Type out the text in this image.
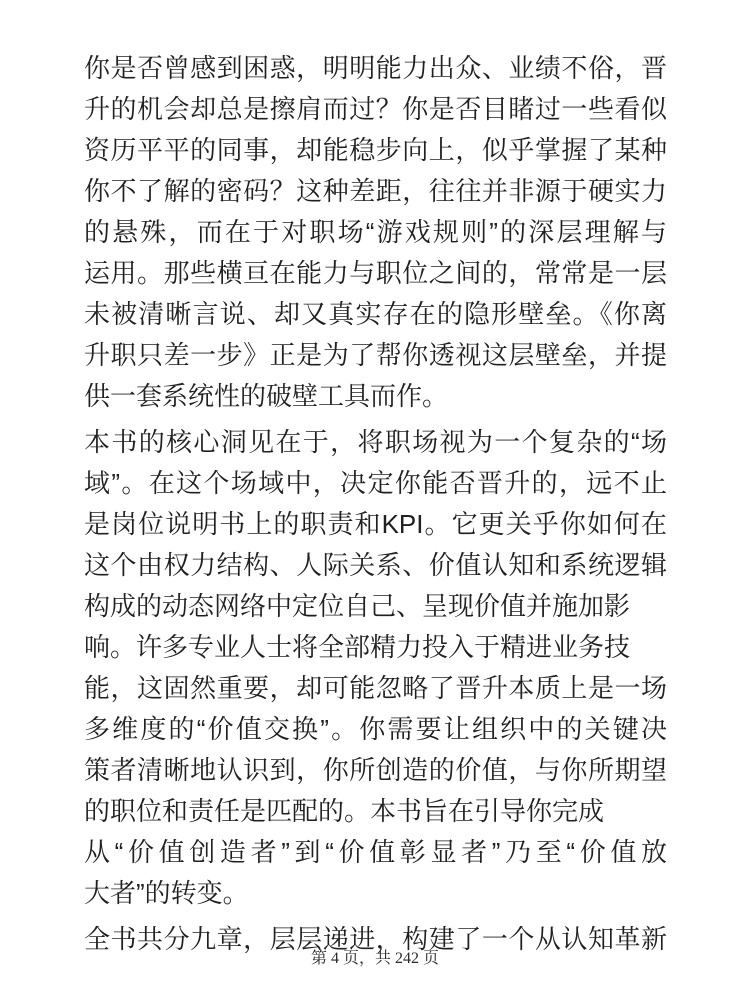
你是否曾感到困惑，明明能力出众、业绩不俗，晋
升的机会却总是擦肩而过？你是否目睹过一些看似
资历平平的同事，却能稳步向上，似乎掌握了某种
你不了解的密码？这种差距，往往并非源于硬实力
的悬殊，而在于对职场“游戏规则”的深层理解与
运用。那些横亘在能力与职位之间的，常常是一层
未被清晰言说、却又真实存在的隐形壁垒。《你离
升职只差一步》正是为了帮你透视这层壁垒，并提
供一套系统性的破壁工具而作。
本书的核心洞见在于，将职场视为一个复杂的“场
域”。在这个场域中，决定你能否晋升的，远不止
是岗位说明书上的职责和KPI。它更关乎你如何在
这个由权力结构、人际关系、价值认知和系统逻辑
构成的动态网络中定位自己、呈现价值并施加影
响。许多专业人士将全部精力投入于精进业务技
能，这固然重要，却可能忽略了晋升本质上是一场
多维度的“价值交换”。你需要让组织中的关键决
策者清晰地认识到，你所创造的价值，与你所期望
的职位和责任是匹配的。本书旨在引导你完成
从“价值创造者”到“价值彰显者”乃至“价值放
大者”的转变。
全书共分九章，层层递进，构建了一个从认知革新
第 4 页，共 242 页
